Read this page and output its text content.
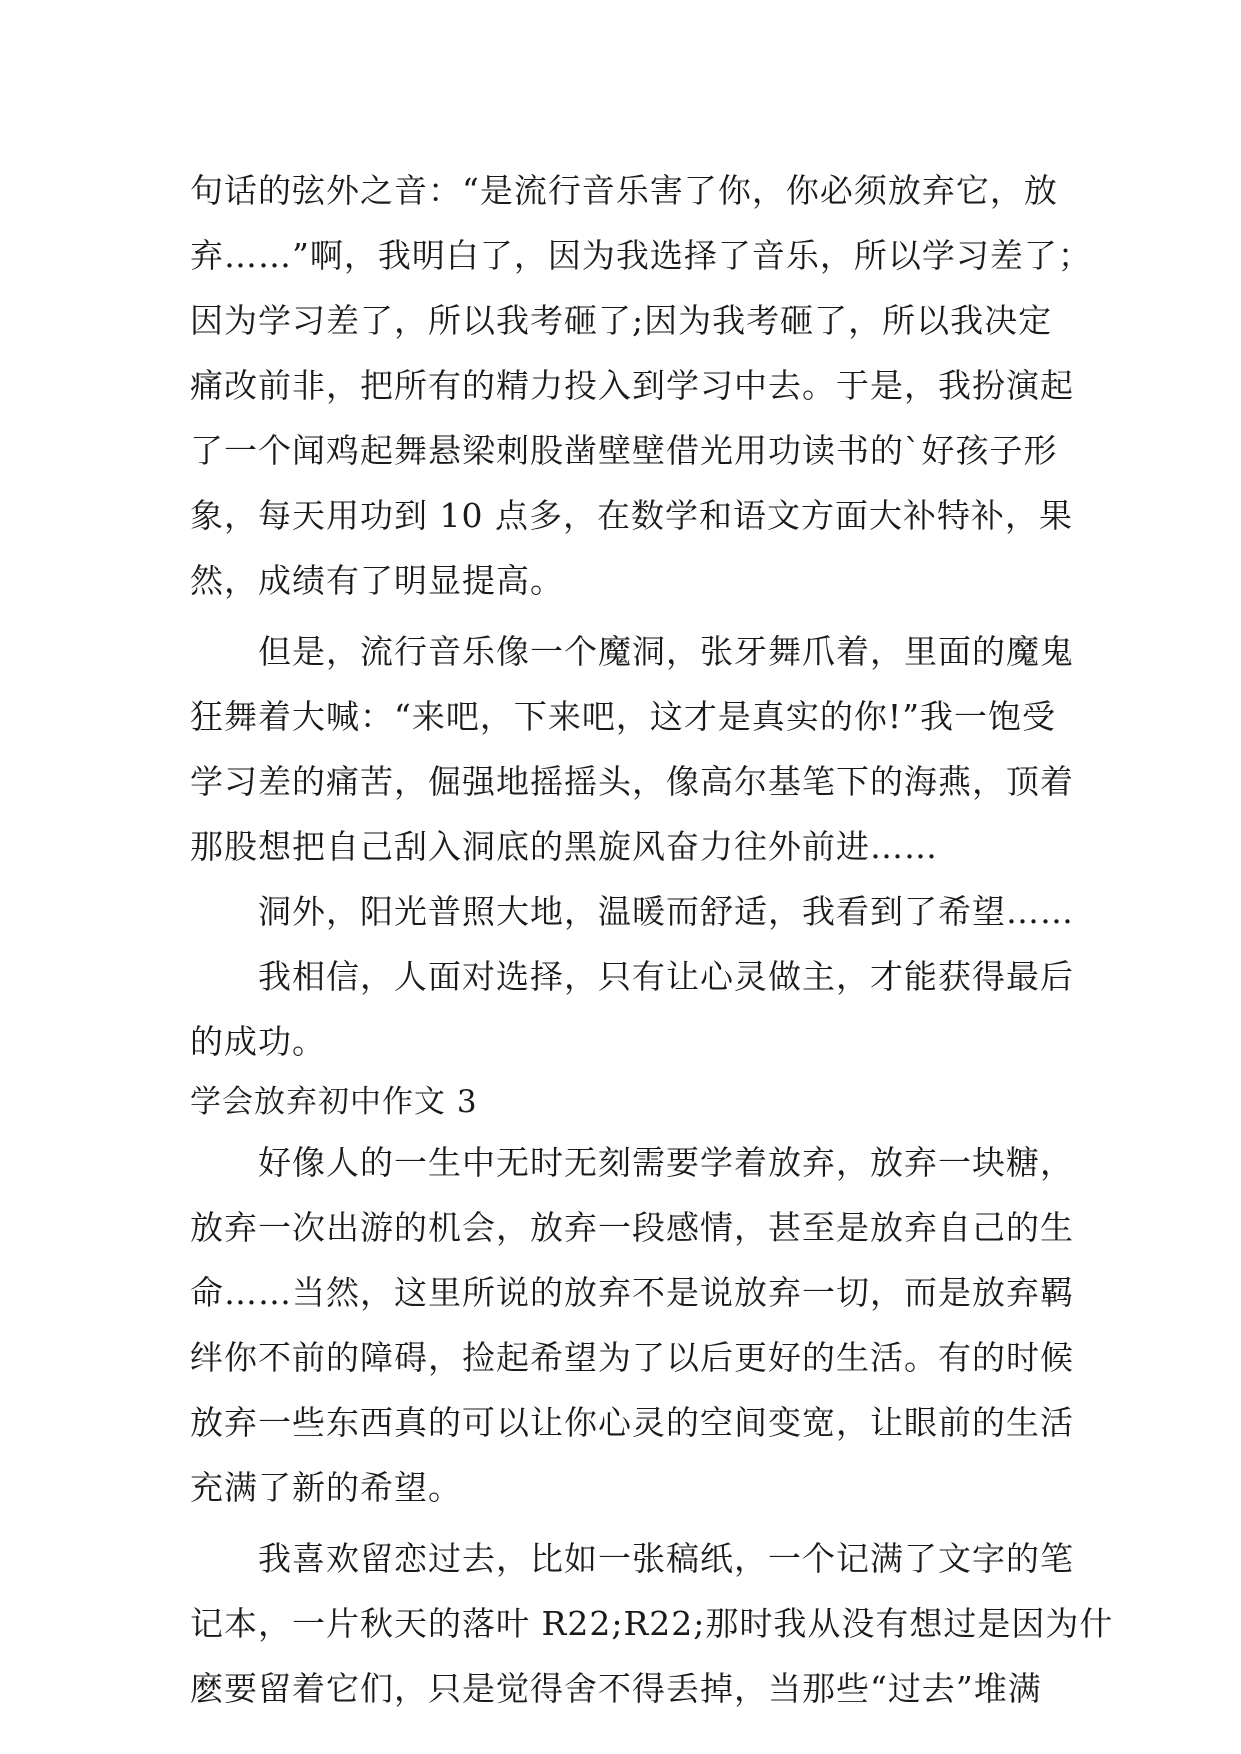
句话的弦外之音：“是流行音乐害了你，你必须放弃它，放
弃……”啊，我明白了，因为我选择了音乐，所以学习差了；
因为学习差了，所以我考砸了;因为我考砸了，所以我决定
痛改前非，把所有的精力投入到学习中去。于是，我扮演起
了一个闻鸡起舞悬梁刺股凿壁壁借光用功读书的`好孩子形
象，每天用功到 10 点多，在数学和语文方面大补特补，果
然，成绩有了明显提高。
但是，流行音乐像一个魔洞，张牙舞爪着，里面的魔鬼
狂舞着大喊：“来吧，下来吧，这才是真实的你!”我一饱受
学习差的痛苦，倔强地摇摇头，像高尔基笔下的海燕，顶着
那股想把自己刮入洞底的黑旋风奋力往外前进……
洞外，阳光普照大地，温暖而舒适，我看到了希望……
我相信，人面对选择，只有让心灵做主，才能获得最后
的成功。
学会放弃初中作文 3
好像人的一生中无时无刻需要学着放弃，放弃一块糖，
放弃一次出游的机会，放弃一段感情，甚至是放弃自己的生
命……当然，这里所说的放弃不是说放弃一切，而是放弃羁
绊你不前的障碍，捡起希望为了以后更好的生活。有的时候
放弃一些东西真的可以让你心灵的空间变宽，让眼前的生活
充满了新的希望。
我喜欢留恋过去，比如一张稿纸，一个记满了文字的笔
记本，一片秋天的落叶 R22;R22;那时我从没有想过是因为什
麽要留着它们，只是觉得舍不得丢掉，当那些“过去”堆满
